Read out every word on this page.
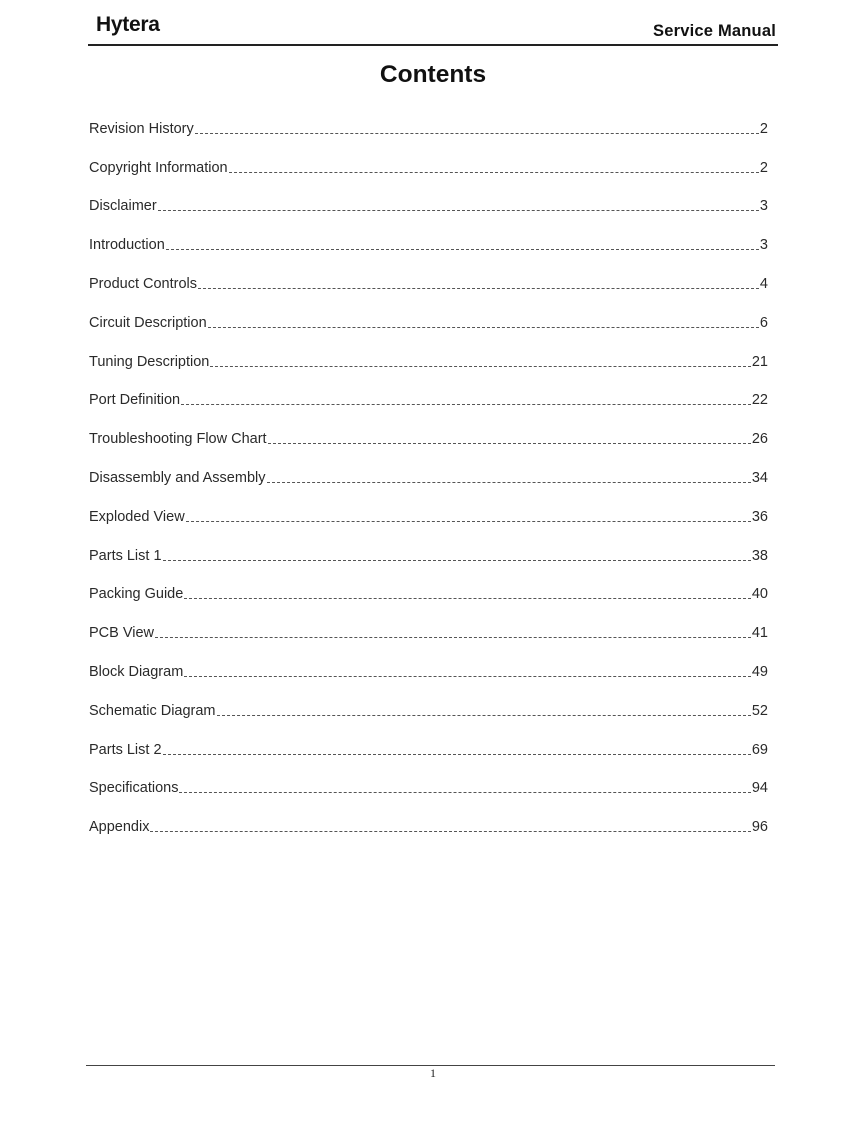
Hytera	Service Manual
Contents
Revision History	2
Copyright Information	2
Disclaimer	3
Introduction	3
Product Controls	4
Circuit Description	6
Tuning Description	21
Port Definition	22
Troubleshooting Flow Chart	26
Disassembly and Assembly	34
Exploded View	36
Parts List 1	38
Packing Guide	40
PCB View	41
Block Diagram	49
Schematic Diagram	52
Parts List 2	69
Specifications	94
Appendix	96
1
